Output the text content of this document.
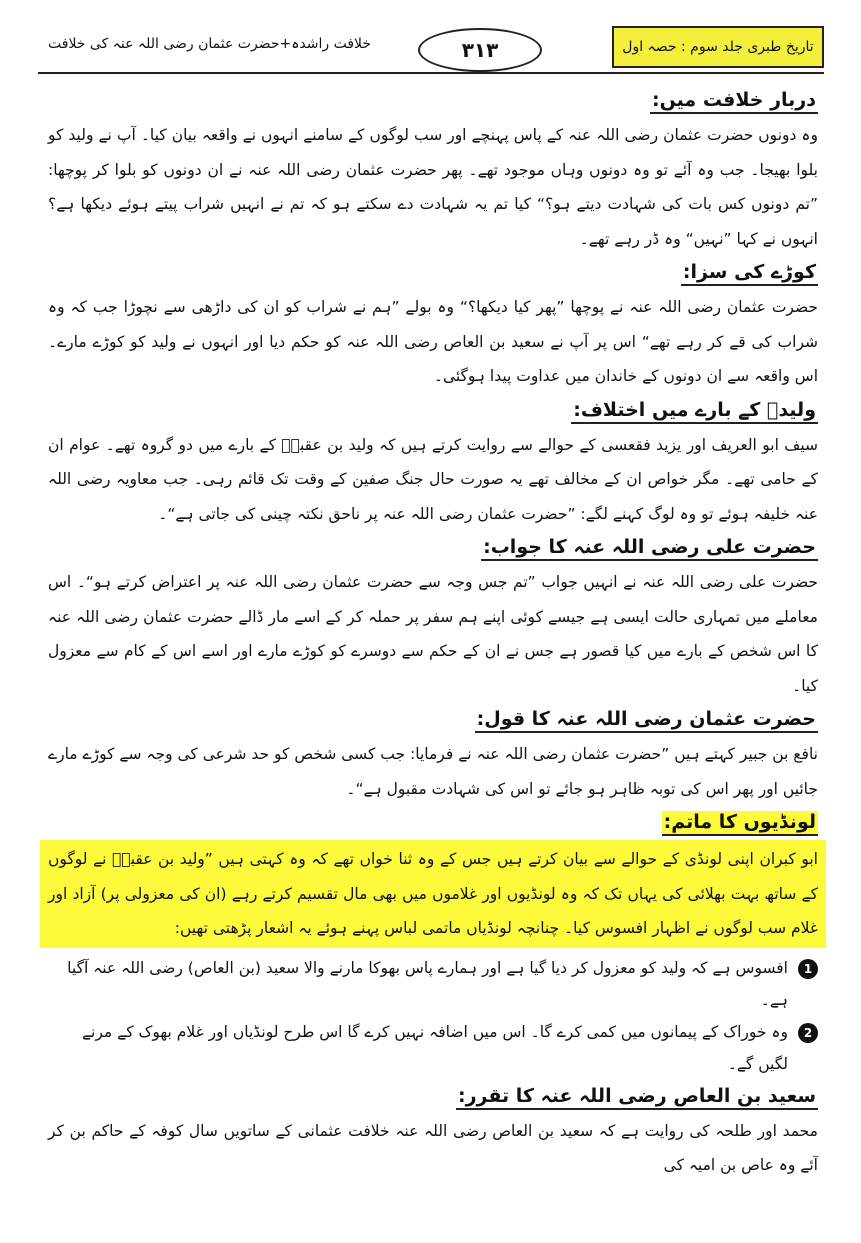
خلافت راشدہ+حضرت عثمان رضی اللہ عنہ کی خلافت	۳۱۳	تاریخ طبری جلد سوم : حصہ اول
دربار خلافت میں:

وہ دونوں حضرت عثمان رضی اللہ عنہ کے پاس پہنچے اور سب لوگوں کے سامنے انہوں نے واقعہ بیان کیا۔ آپ نے ولید کو بلوا بھیجا۔ جب وہ آئے تو وہ دونوں وہاں موجود تھے۔ پھر حضرت عثمان رضی اللہ عنہ نے ان دونوں کو بلوا کر پوچھا: ”تم دونوں کس بات کی شہادت دیتے ہو؟“ کیا تم یہ شہادت دے سکتے ہو کہ تم نے انہیں شراب پیتے ہوئے دیکھا ہے؟ انہوں نے کہا ”نہیں“ وہ ڈر رہے تھے۔

کوڑے کی سزا:

حضرت عثمان رضی اللہ عنہ نے پوچھا ”پھر کیا دیکھا؟“ وہ بولے ”ہم نے شراب کو ان کی داڑھی سے نچوڑا جب کہ وہ شراب کی قے کر رہے تھے“ اس پر آپ نے سعید بن العاص رضی اللہ عنہ کو حکم دیا اور انہوں نے ولید کو کوڑے مارے۔ اس واقعہ سے ان دونوں کے خاندان میں عداوت پیدا ہوگئی۔

ولیدؒ کے بارے میں اختلاف:

سیف ابو العریف اور یزید فقعسی کے حوالے سے روایت کرتے ہیں کہ ولید بن عقبہؓ کے بارے میں دو گروہ تھے۔ عوام ان کے حامی تھے۔ مگر خواص ان کے مخالف تھے یہ صورت حال جنگ صفین کے وقت تک قائم رہی۔ جب معاویہ رضی اللہ عنہ خلیفہ ہوئے تو وہ لوگ کہنے لگے: ”حضرت عثمان رضی اللہ عنہ پر ناحق نکتہ چینی کی جاتی ہے“۔

حضرت علی رضی اللہ عنہ کا جواب:

حضرت علی رضی اللہ عنہ نے انہیں جواب ”تم جس وجہ سے حضرت عثمان رضی اللہ عنہ پر اعتراض کرتے ہو“۔ اس معاملے میں تمہاری حالت ایسی ہے جیسے کوئی اپنے ہم سفر پر حملہ کر کے اسے مار ڈالے حضرت عثمان رضی اللہ عنہ کا اس شخص کے بارے میں کیا قصور ہے جس نے ان کے حکم سے دوسرے کو کوڑے مارے اور اسے اس کے کام سے معزول کیا۔

حضرت عثمان رضی اللہ عنہ کا قول:

نافع بن جبیر کہتے ہیں ”حضرت عثمان رضی اللہ عنہ نے فرمایا: جب کسی شخص کو حد شرعی کی وجہ سے کوڑے مارے جائیں اور پھر اس کی توبہ ظاہر ہو جائے تو اس کی شہادت مقبول ہے“۔

لونڈیوں کا ماتم:

ابو کبران اپنی لونڈی کے حوالے سے بیان کرتے ہیں جس کے وہ ثنا خواں تھے کہ وہ کہتی ہیں ”ولید بن عقبہؓ نے لوگوں کے ساتھ بہت بھلائی کی یہاں تک کہ وہ لونڈیوں اور غلاموں میں بھی مال تقسیم کرتے رہے (ان کی معزولی پر) آزاد اور غلام سب لوگوں نے اظہار افسوس کیا۔ چنانچہ لونڈیاں ماتمی لباس پہنے ہوئے یہ اشعار پڑھتی تھیں:

1
افسوس ہے کہ ولید کو معزول کر دیا گیا ہے اور ہمارے پاس بھوکا مارنے والا سعید (بن العاص) رضی اللہ عنہ آگیا ہے۔
2
وہ خوراک کے پیمانوں میں کمی کرے گا۔ اس میں اضافہ نہیں کرے گا اس طرح لونڈیاں اور غلام بھوک کے مرنے لگیں گے۔
سعید بن العاص رضی اللہ عنہ کا تقرر:

محمد اور طلحہ کی روایت ہے کہ سعید بن العاص رضی اللہ عنہ خلافت عثمانی کے ساتویں سال کوفہ کے حاکم بن کر آئے وہ عاص بن امیہ کی
